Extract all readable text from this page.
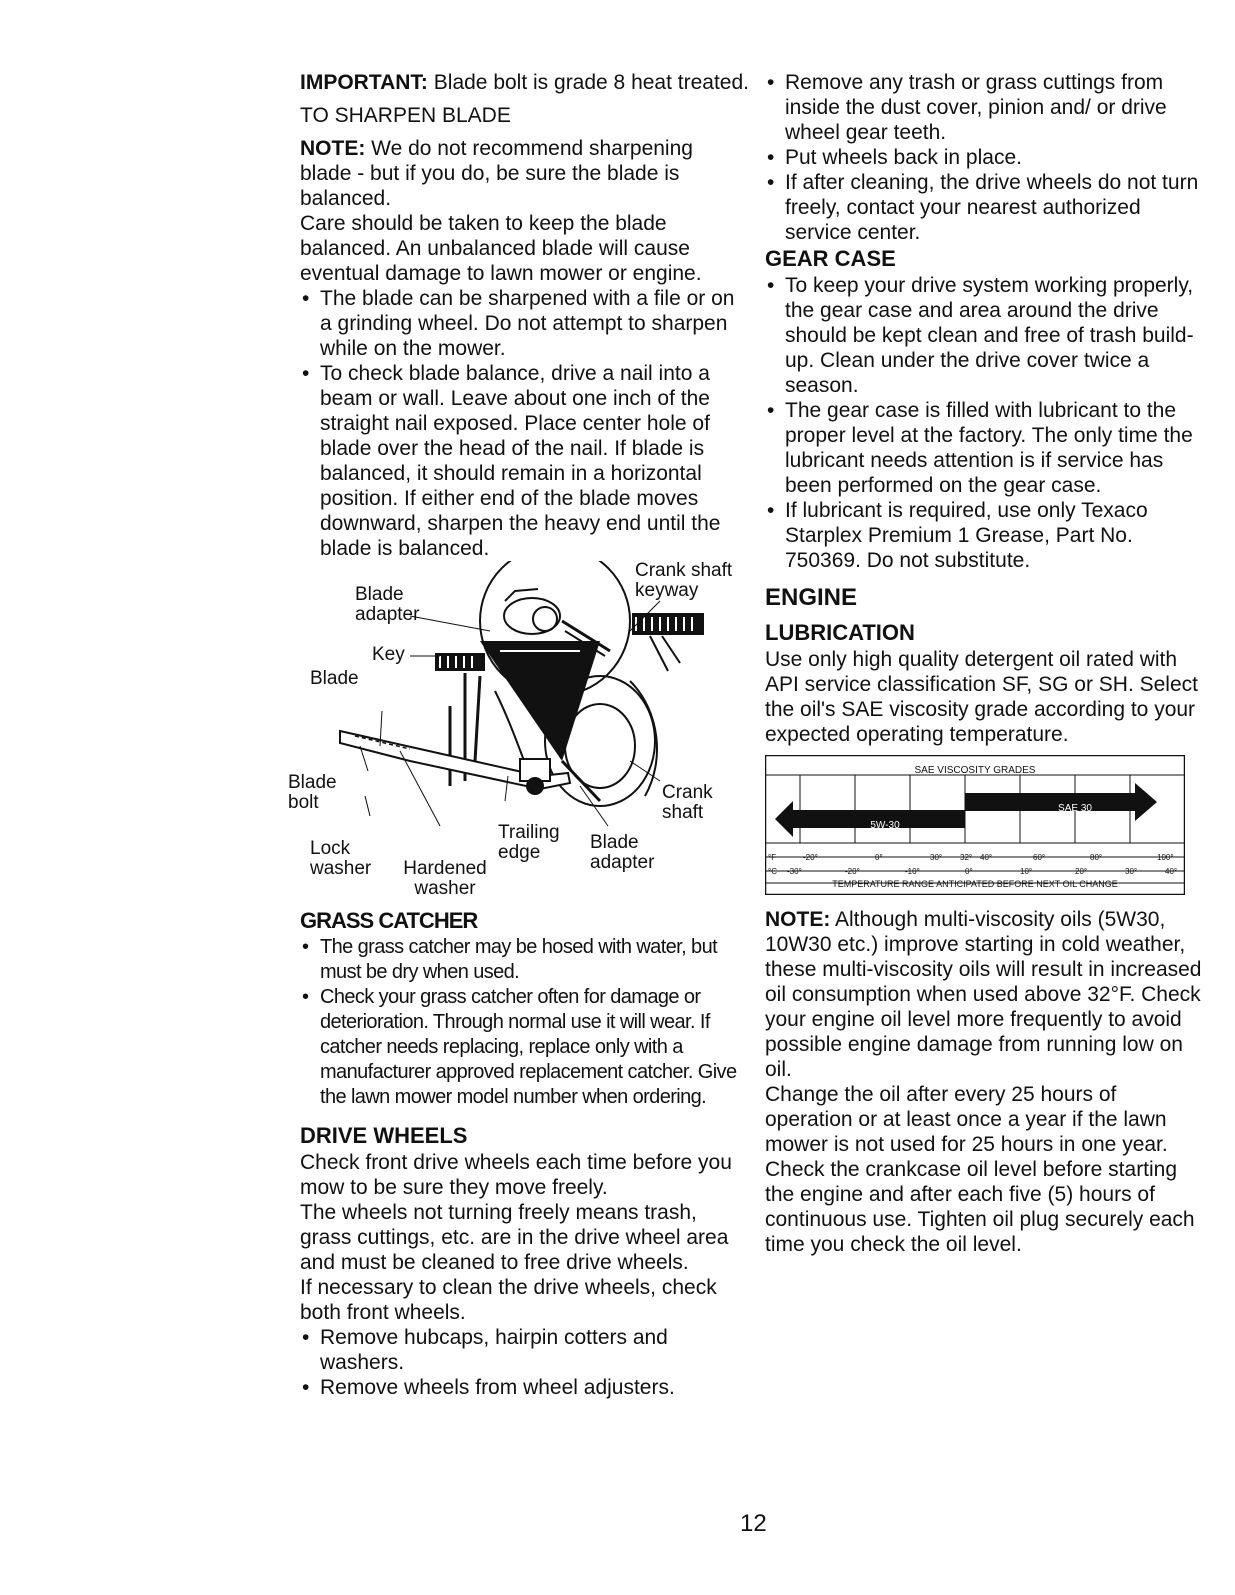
IMPORTANT: Blade bolt is grade 8 heat treated.

TO SHARPEN BLADE

NOTE: We do not recommend sharpening blade - but if you do, be sure the blade is balanced.

Care should be taken to keep the blade balanced. An unbalanced blade will cause eventual damage to lawn mower or engine.

• The blade can be sharpened with a file or on a grinding wheel. Do not attempt to sharpen while on the mower.
• To check blade balance, drive a nail into a beam or wall. Leave about one inch of the straight nail exposed. Place center hole of blade over the head of the nail. If blade is balanced, it should remain in a horizontal position. If either end of the blade moves downward, sharpen the heavy end until the blade is balanced.
Crank shaft keyway
Blade adapter
Key
Blade
Blade bolt	Crank shaft
Lock washer	Hardened washer
Trailing edge	Blade adapter

GRASS CATCHER

• The grass catcher may be hosed with water, but must be dry when used.
• Check your grass catcher often for damage or deterioration. Through normal use it will wear. If catcher needs replacing, replace only with a manufacturer approved replacement catcher. Give the lawn mower model number when ordering.

DRIVE WHEELS

Check front drive wheels each time before you mow to be sure they move freely.

The wheels not turning freely means trash, grass cuttings, etc. are in the drive wheel area and must be cleaned to free drive wheels.

If necessary to clean the drive wheels, check both front wheels.

• Remove hubcaps, hairpin cotters and washers.
• Remove wheels from wheel adjusters.
• Remove any trash or grass cuttings from inside the dust cover, pinion and/ or drive wheel gear teeth.
• Put wheels back in place.
• If after cleaning, the drive wheels do not turn freely, contact your nearest authorized service center.

GEAR CASE

• To keep your drive system working properly, the gear case and area around the drive should be kept clean and free of trash build-up. Clean under the drive cover twice a season.
• The gear case is filled with lubricant to the proper level at the factory. The only time the lubricant needs attention is if service has been performed on the gear case.
• If lubricant is required, use only Texaco Starplex Premium 1 Grease, Part No. 750369. Do not substitute.

ENGINE

LUBRICATION

Use only high quality detergent oil rated with API service classification SF, SG or SH. Select the oil's SAE viscosity grade according to your expected operating temperature.

SAE VISCOSITY GRADES
SAE 30
5W-30
°F
°C
-20°	0°	30° 32° 40°	60°	80°	100°
-30°	-20°	-10°	0°	10°	20°	30°	40°
TEMPERATURE RANGE ANTICIPATED BEFORE NEXT OIL CHANGE

NOTE: Although multi-viscosity oils (5W30, 10W30 etc.) improve starting in cold weather, these multi-viscosity oils will result in increased oil consumption when used above 32°F. Check your engine oil level more frequently to avoid possible engine damage from running low on oil.

Change the oil after every 25 hours of operation or at least once a year if the lawn mower is not used for 25 hours in one year.

Check the crankcase oil level before starting the engine and after each five (5) hours of continuous use. Tighten oil plug securely each time you check the oil level.

12
